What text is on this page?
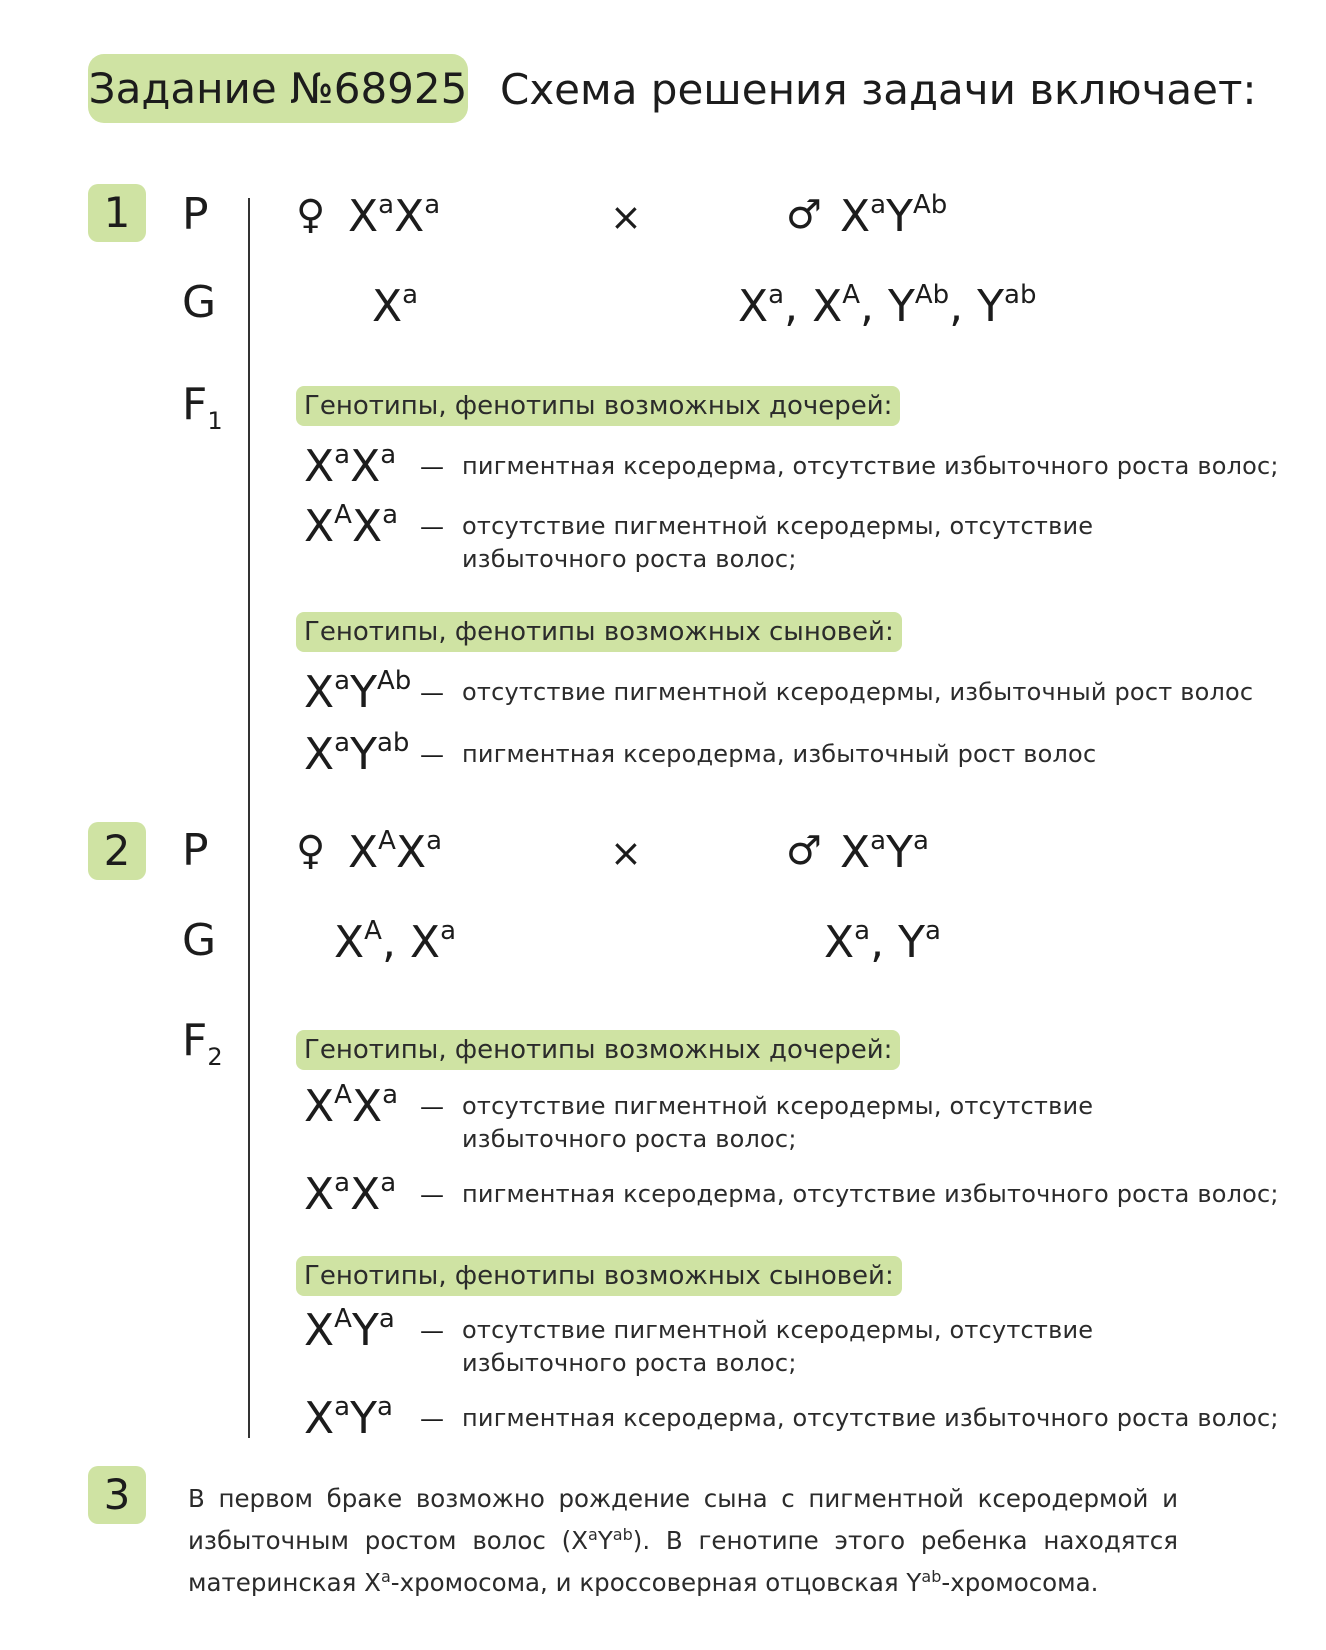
Задание №68925 Схема решения задачи включает:
1	P ♀ $X^aX^a$	×	♂ $X^aY^{Ab}$
G	$X^a$	$X^a$, $X^A$, $Y^{Ab}$, $Y^{ab}$
$F_1$	Генотипы, фенотипы возможных дочерей:
$X^aX^a$ — пигментная ксеродерма, отсутствие избыточного роста волос;
$X^AX^a$ — отсутствие пигментной ксеродермы, отсутствие избыточного роста волос;
Генотипы, фенотипы возможных сыновей:
$X^aY^{Ab}$ — отсутствие пигментной ксеродермы, избыточный рост волос
$X^aY^{ab}$ — пигментная ксеродерма, избыточный рост волос
2	P ♀ $X^AX^a$	×	♂ $X^aY^a$
G	$X^A$, $X^a$	$X^a$, $Y^a$
$F_2$	Генотипы, фенотипы возможных дочерей:
$X^AX^a$ — отсутствие пигментной ксеродермы, отсутствие избыточного роста волос;
$X^aX^a$ — пигментная ксеродерма, отсутствие избыточного роста волос;
Генотипы, фенотипы возможных сыновей:
$X^AY^a$ — отсутствие пигментной ксеродермы, отсутствие избыточного роста волос;
$X^aY^a$ — пигментная ксеродерма, отсутствие избыточного роста волос;
3	В первом браке возможно рождение сына с пигментной ксеродермой и избыточным ростом волос $(X^aY^{ab})$. В генотипе этого ребенка находятся материнская $X^a$-хромосома, и кроссоверная отцовская $Y^{ab}$-хромосома.
